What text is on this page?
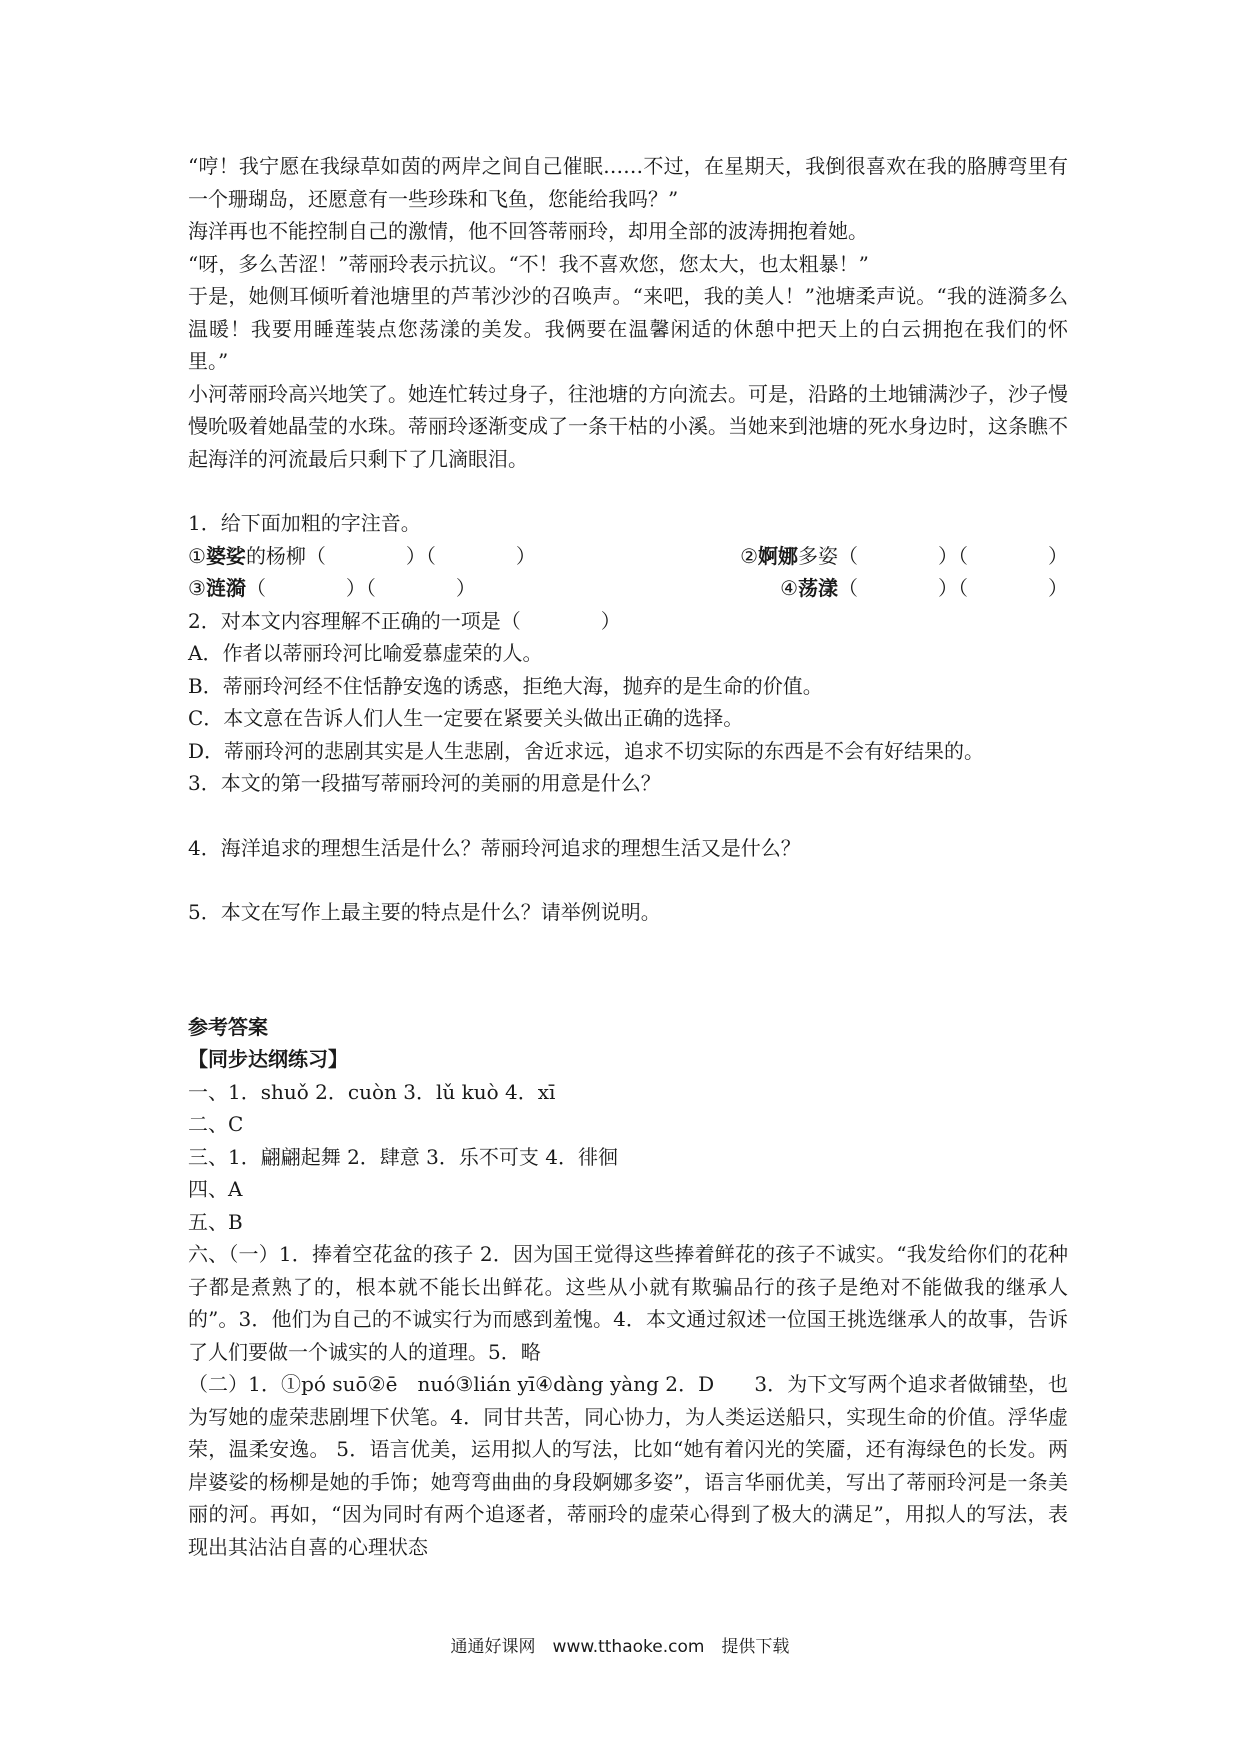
“哼！我宁愿在我绿草如茵的两岸之间自己催眠……不过，在星期天，我倒很喜欢在我的胳膊弯里有一个珊瑚岛，还愿意有一些珍珠和飞鱼，您能给我吗？”

海洋再也不能控制自己的激情，他不回答蒂丽玲，却用全部的波涛拥抱着她。

“呀，多么苦涩！”蒂丽玲表示抗议。“不！我不喜欢您，您太大，也太粗暴！”

于是，她侧耳倾听着池塘里的芦苇沙沙的召唤声。“来吧，我的美人！”池塘柔声说。“我的涟漪多么温暖！我要用睡莲装点您荡漾的美发。我俩要在温馨闲适的休憩中把天上的白云拥抱在我们的怀里。”

小河蒂丽玲高兴地笑了。她连忙转过身子，往池塘的方向流去。可是，沿路的土地铺满沙子，沙子慢慢吮吸着她晶莹的水珠。蒂丽玲逐渐变成了一条干枯的小溪。当她来到池塘的死水身边时，这条瞧不起海洋的河流最后只剩下了几滴眼泪。

1．给下面加粗的字注音。

①婆娑的杨柳（　　　　）（　　　　）	②婀娜多姿（　　　　）（　　　　）
③涟漪（　　　　）（　　　　）	④荡漾（　　　　）（　　　　）

2．对本文内容理解不正确的一项是（　　　　）

A．作者以蒂丽玲河比喻爱慕虚荣的人。

B．蒂丽玲河经不住恬静安逸的诱惑，拒绝大海，抛弃的是生命的价值。

C．本文意在告诉人们人生一定要在紧要关头做出正确的选择。

D．蒂丽玲河的悲剧其实是人生悲剧，舍近求远，追求不切实际的东西是不会有好结果的。

3．本文的第一段描写蒂丽玲河的美丽的用意是什么？

4．海洋追求的理想生活是什么？蒂丽玲河追求的理想生活又是什么？

5．本文在写作上最主要的特点是什么？请举例说明。

参考答案
【同步达纲练习】

一、1．shuǒ 2．cuòn 3．lǔ kuò 4．xī

二、C

三、1．翩翩起舞 2．肆意 3．乐不可支 4．徘徊

四、A

五、B

六、（一）1．捧着空花盆的孩子 2．因为国王觉得这些捧着鲜花的孩子不诚实。“我发给你们的花种子都是煮熟了的，根本就不能长出鲜花。这些从小就有欺骗品行的孩子是绝对不能做我的继承人的”。3．他们为自己的不诚实行为而感到羞愧。4．本文通过叙述一位国王挑选继承人的故事，告诉了人们要做一个诚实的人的道理。5．略

（二）1．①pó suō②ē　nuó③lián yī④dàng yàng 2．D　　3．为下文写两个追求者做铺垫，也为写她的虚荣悲剧埋下伏笔。4．同甘共苦，同心协力，为人类运送船只，实现生命的价值。浮华虚荣，温柔安逸。 5．语言优美，运用拟人的写法，比如“她有着闪光的笑靥，还有海绿色的长发。两岸婆娑的杨柳是她的手饰；她弯弯曲曲的身段婀娜多姿”，语言华丽优美，写出了蒂丽玲河是一条美丽的河。再如，“因为同时有两个追逐者，蒂丽玲的虚荣心得到了极大的满足”，用拟人的写法，表现出其沾沾自喜的心理状态

通通好课网　www.tthaoke.com　提供下载
